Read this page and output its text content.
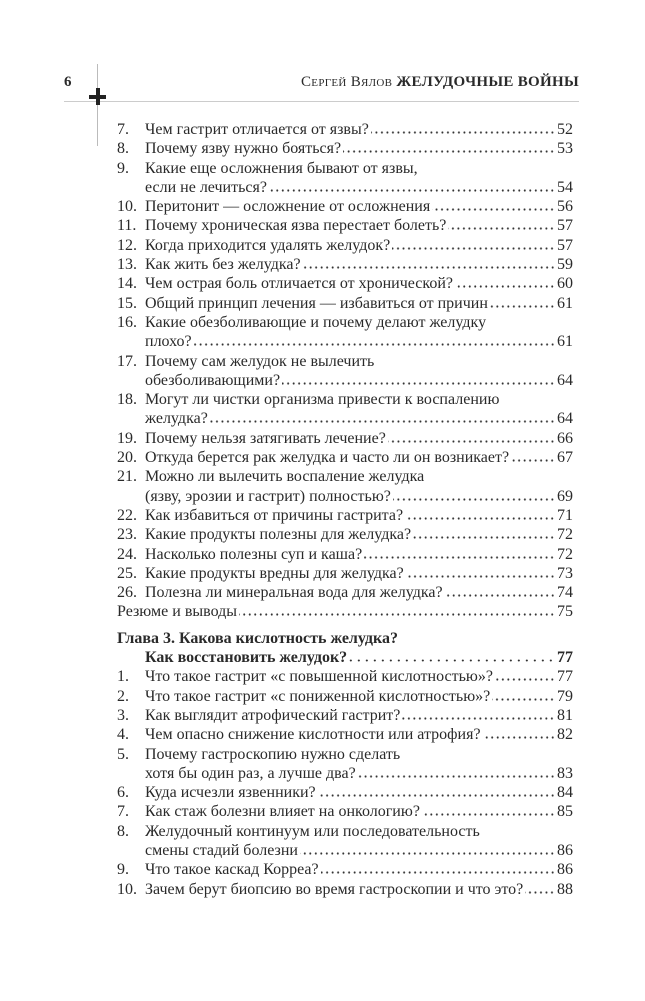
6	Сергей Вялов ЖЕЛУДОЧНЫЕ ВОЙНЫ
7.	Чем гастрит отличается от язвы?	52
8.	Почему язву нужно бояться?	53
9.	Какие еще осложнения бывают от язвы,
если не лечиться?	54
10. Перитонит — осложнение от осложнения	56
11. Почему хроническая язва перестает болеть?	57
12. Когда приходится удалять желудок?	57
13. Как жить без желудка?	59
14. Чем острая боль отличается от хронической?	60
15. Общий принцип лечения — избавиться от причин	61
16. Какие обезболивающие и почему делают желудку
плохо?	61
17. Почему сам желудок не вылечить
обезболивающими?	64
18. Могут ли чистки организма привести к воспалению
желудка?	64
19. Почему нельзя затягивать лечение?	66
20. Откуда берется рак желудка и часто ли он возникает?	67
21. Можно ли вылечить воспаление желудка
(язву, эрозии и гастрит) полностью?	69
22. Как избавиться от причины гастрита?	71
23. Какие продукты полезны для желудка?	72
24. Насколько полезны суп и каша?	72
25. Какие продукты вредны для желудка?	73
26. Полезна ли минеральная вода для желудка?	74
Резюме и выводы	75
Глава 3. Какова кислотность желудка?
Как восстановить желудок?	77
1.	Что такое гастрит «с повышенной кислотностью»?	77
2.	Что такое гастрит «с пониженной кислотностью»?	79
3.	Как выглядит атрофический гастрит?	81
4.	Чем опасно снижение кислотности или атрофия?	82
5.	Почему гастроскопию нужно сделать
хотя бы один раз, а лучше два?	83
6.	Куда исчезли язвенники?	84
7.	Как стаж болезни влияет на онкологию?	85
8.	Желудочный континуум или последовательность
смены стадий болезни	86
9.	Что такое каскад Корреа?	86
10. Зачем берут биопсию во время гастроскопии и что это? 88
